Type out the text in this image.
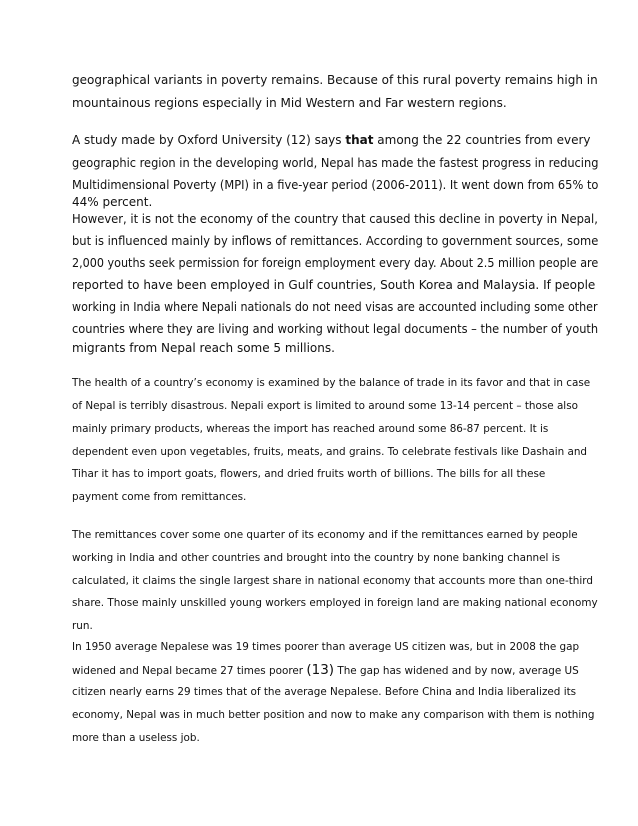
geographical variants in poverty remains. Because of this rural poverty remains high in
mountainous regions especially in Mid Western and Far western regions.
A study made by Oxford University (12) says that among the 22 countries from every
geographic region in the developing world, Nepal has made the fastest progress in reducing
Multidimensional Poverty (MPI) in a five-year period (2006-2011). It went down from 65% to
44% percent.
However, it is not the economy of the country that caused this decline in poverty in Nepal,
but is influenced mainly by inflows of remittances. According to government sources, some
2,000 youths seek permission for foreign employment every day. About 2.5 million people are
reported to have been employed in Gulf countries, South Korea and Malaysia. If people
working in India where Nepali nationals do not need visas are accounted including some other
countries where they are living and working without legal documents – the number of youth
migrants from Nepal reach some 5 millions.
The health of a country’s economy is examined by the balance of trade in its favor and that in case
of Nepal is terribly disastrous. Nepali export is limited to around some 13-14 percent – those also
mainly primary products, whereas the import has reached around some 86-87 percent. It is
dependent even upon vegetables, fruits, meats, and grains. To celebrate festivals like Dashain and
Tihar it has to import goats, flowers, and dried fruits worth of billions. The bills for all these
payment come from remittances.
The remittances cover some one quarter of its economy and if the remittances earned by people
working in India and other countries and brought into the country by none banking channel is
calculated, it claims the single largest share in national economy that accounts more than one-third
share. Those mainly unskilled young workers employed in foreign land are making national economy
run.
In 1950 average Nepalese was 19 times poorer than average US citizen was, but in 2008 the gap
widened and Nepal became 27 times poorer (13) The gap has widened and by now, average US
citizen nearly earns 29 times that of the average Nepalese. Before China and India liberalized its
economy, Nepal was in much better position and now to make any comparison with them is nothing
more than a useless job.
